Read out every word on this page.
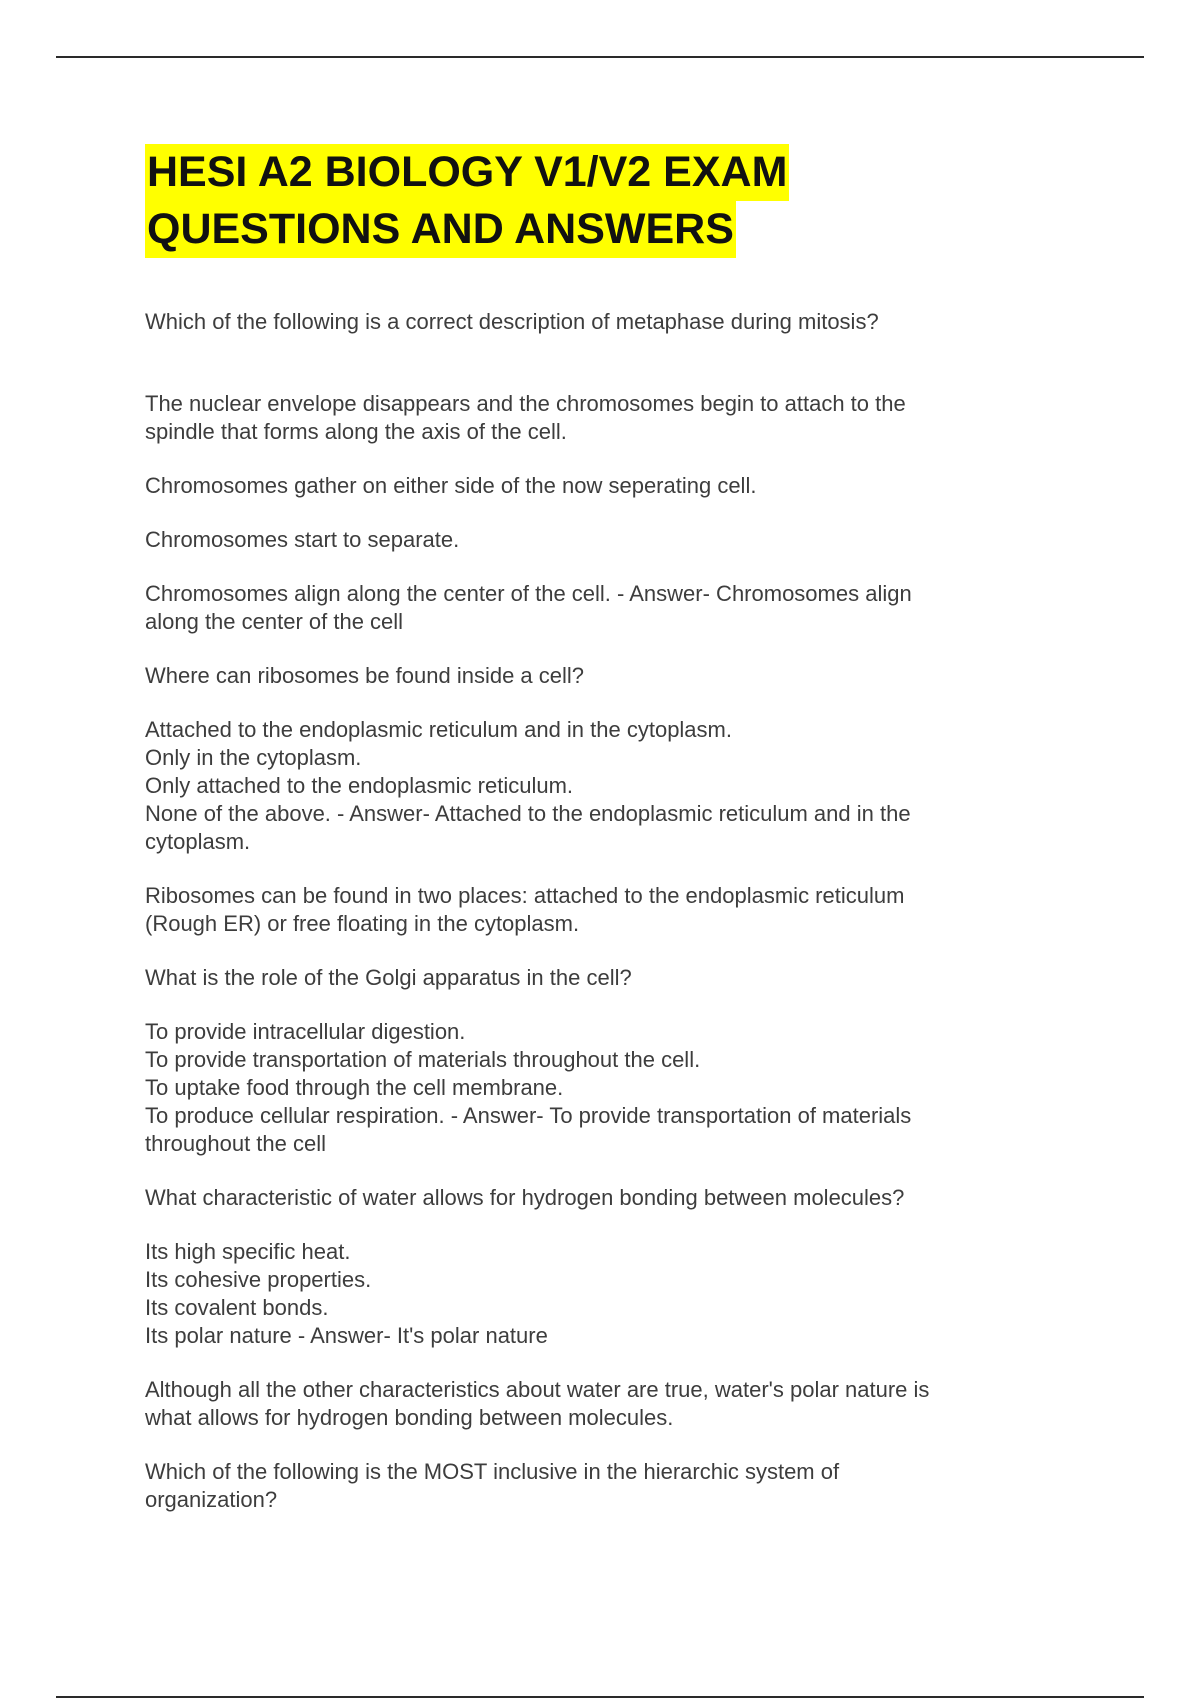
HESI A2 BIOLOGY V1/V2 EXAM
QUESTIONS AND ANSWERS

Which of the following is a correct description of metaphase during mitosis?

The nuclear envelope disappears and the chromosomes begin to attach to the
spindle that forms along the axis of the cell.

Chromosomes gather on either side of the now seperating cell.

Chromosomes start to separate.

Chromosomes align along the center of the cell. - Answer- Chromosomes align
along the center of the cell

Where can ribosomes be found inside a cell?

Attached to the endoplasmic reticulum and in the cytoplasm.
Only in the cytoplasm.
Only attached to the endoplasmic reticulum.
None of the above. - Answer- Attached to the endoplasmic reticulum and in the
cytoplasm.

Ribosomes can be found in two places: attached to the endoplasmic reticulum
(Rough ER) or free floating in the cytoplasm.

What is the role of the Golgi apparatus in the cell?

To provide intracellular digestion.
To provide transportation of materials throughout the cell.
To uptake food through the cell membrane.
To produce cellular respiration. - Answer- To provide transportation of materials
throughout the cell

What characteristic of water allows for hydrogen bonding between molecules?

Its high specific heat.
Its cohesive properties.
Its covalent bonds.
Its polar nature - Answer- It's polar nature

Although all the other characteristics about water are true, water's polar nature is
what allows for hydrogen bonding between molecules.

Which of the following is the MOST inclusive in the hierarchic system of
organization?
